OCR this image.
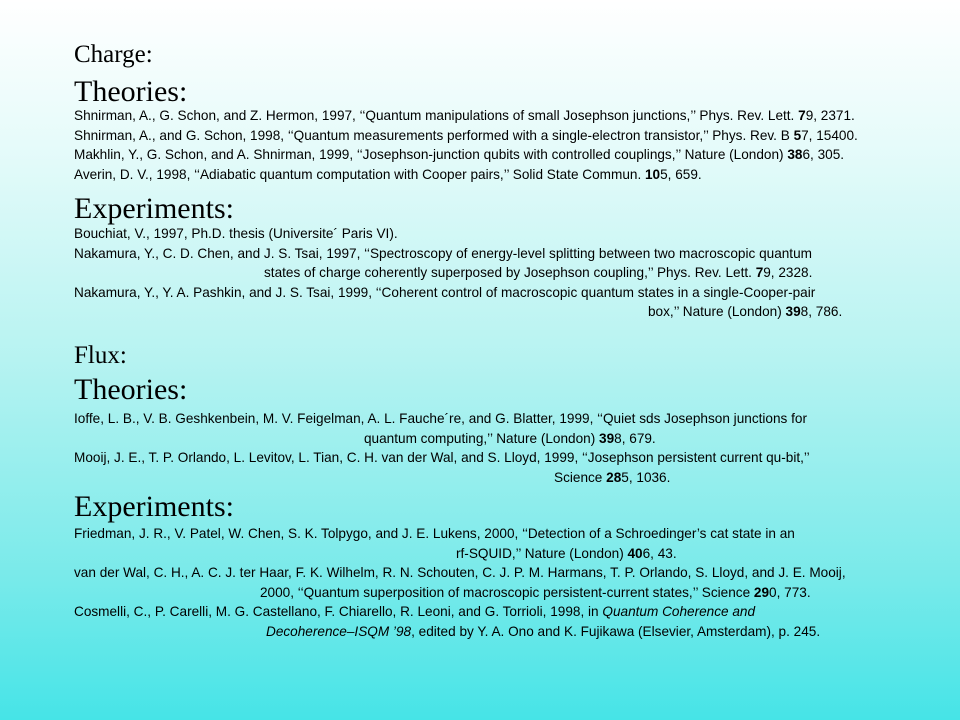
Charge:
Theories:
Shnirman, A., G. Schon, and Z. Hermon, 1997, ‘‘Quantum manipulations of small Josephson junctions,’’ Phys. Rev. Lett. 79, 2371.
Shnirman, A., and G. Schon, 1998, ‘‘Quantum measurements performed with a single-electron transistor,’’ Phys. Rev. B 57, 15400.
Makhlin, Y., G. Schon, and A. Shnirman, 1999, ‘‘Josephson-junction qubits with controlled couplings,’’ Nature (London) 386, 305.
Averin, D. V., 1998, ‘‘Adiabatic quantum computation with Cooper pairs,’’ Solid State Commun. 105, 659.
Experiments:
Bouchiat, V., 1997, Ph.D. thesis (Universite´ Paris VI).
Nakamura, Y., C. D. Chen, and J. S. Tsai, 1997, ‘‘Spectroscopy of energy-level splitting between two macroscopic quantum
states of charge coherently superposed by Josephson coupling,’’ Phys. Rev. Lett. 79, 2328.
Nakamura, Y., Y. A. Pashkin, and J. S. Tsai, 1999, ‘‘Coherent control of macroscopic quantum states in a single-Cooper-pair
box,’’ Nature (London) 398, 786.
Flux:
Theories:
Ioffe, L. B., V. B. Geshkenbein, M. V. Feigelman, A. L. Fauche´re, and G. Blatter, 1999, ‘‘Quiet sds Josephson junctions for
quantum computing,’’ Nature (London) 398, 679.
Mooij, J. E., T. P. Orlando, L. Levitov, L. Tian, C. H. van der Wal, and S. Lloyd, 1999, ‘‘Josephson persistent current qu-bit,’’
Science 285, 1036.
Experiments:
Friedman, J. R., V. Patel, W. Chen, S. K. Tolpygo, and J. E. Lukens, 2000, ‘‘Detection of a Schroedinger’s cat state in an
rf-SQUID,’’ Nature (London) 406, 43.
van der Wal, C. H., A. C. J. ter Haar, F. K. Wilhelm, R. N. Schouten, C. J. P. M. Harmans, T. P. Orlando, S. Lloyd, and J. E. Mooij,
2000, ‘‘Quantum superposition of macroscopic persistent-current states,’’ Science 290, 773.
Cosmelli, C., P. Carelli, M. G. Castellano, F. Chiarello, R. Leoni, and G. Torrioli, 1998, in Quantum Coherence and
Decoherence–ISQM ’98, edited by Y. A. Ono and K. Fujikawa (Elsevier, Amsterdam), p. 245.
